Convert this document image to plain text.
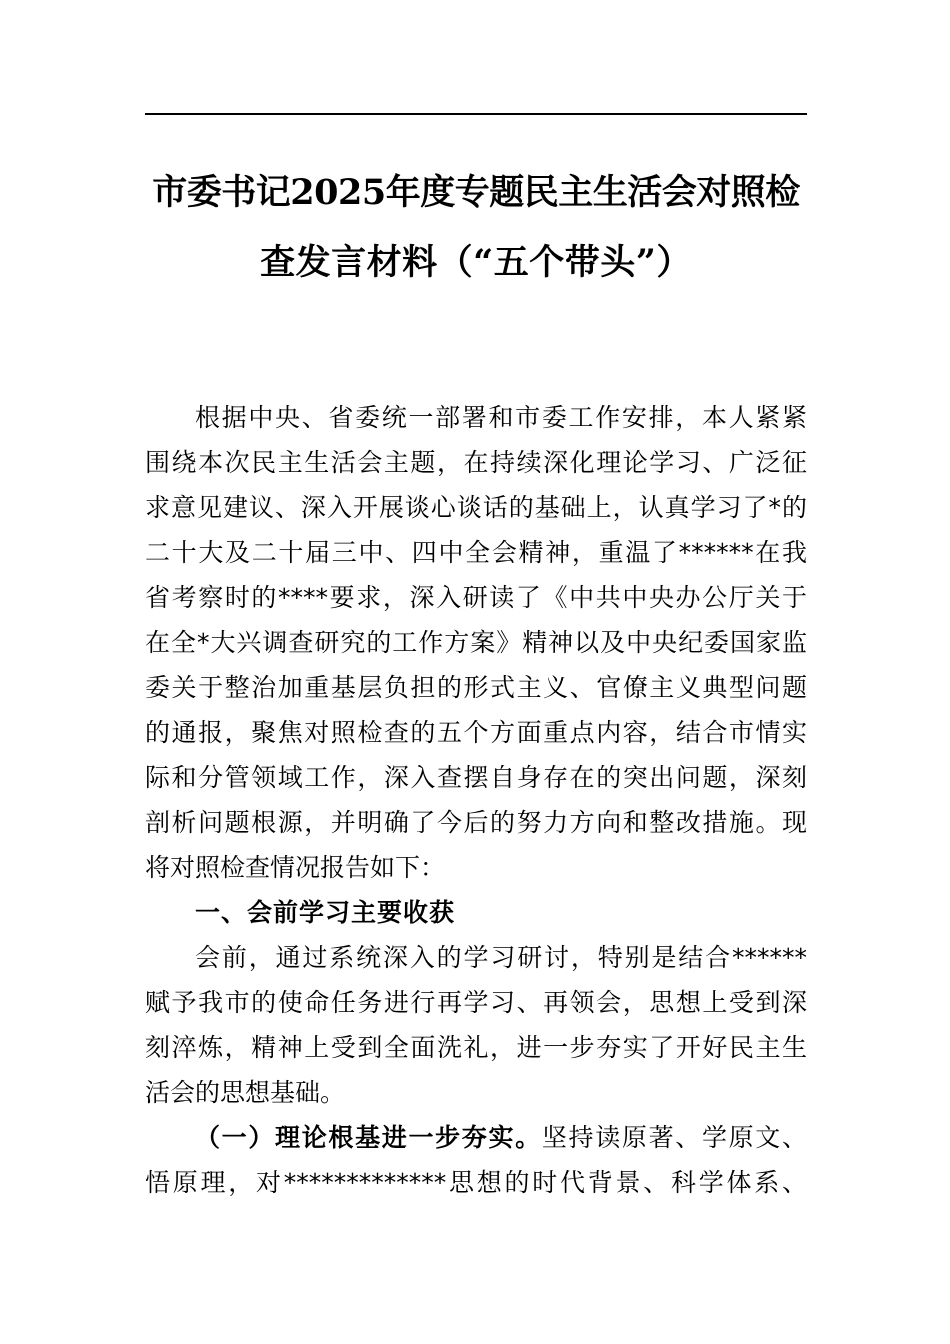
市委书记2025年度专题民主生活会对照检
查发言材料（“五个带头”）
根据中央、省委统一部署和市委工作安排，本人紧紧
围绕本次民主生活会主题，在持续深化理论学习、广泛征
求意见建议、深入开展谈心谈话的基础上，认真学习了*的
二十大及二十届三中、四中全会精神，重温了******在我
省考察时的****要求，深入研读了《中共中央办公厅关于
在全*大兴调查研究的工作方案》精神以及中央纪委国家监
委关于整治加重基层负担的形式主义、官僚主义典型问题
的通报，聚焦对照检查的五个方面重点内容，结合市情实
际和分管领域工作，深入查摆自身存在的突出问题，深刻
剖析问题根源，并明确了今后的努力方向和整改措施。现
将对照检查情况报告如下：
一、会前学习主要收获
会前，通过系统深入的学习研讨，特别是结合******
赋予我市的使命任务进行再学习、再领会，思想上受到深
刻淬炼，精神上受到全面洗礼，进一步夯实了开好民主生
活会的思想基础。
（一）理论根基进一步夯实。坚持读原著、学原文、
悟原理，对*************思想的时代背景、科学体系、
